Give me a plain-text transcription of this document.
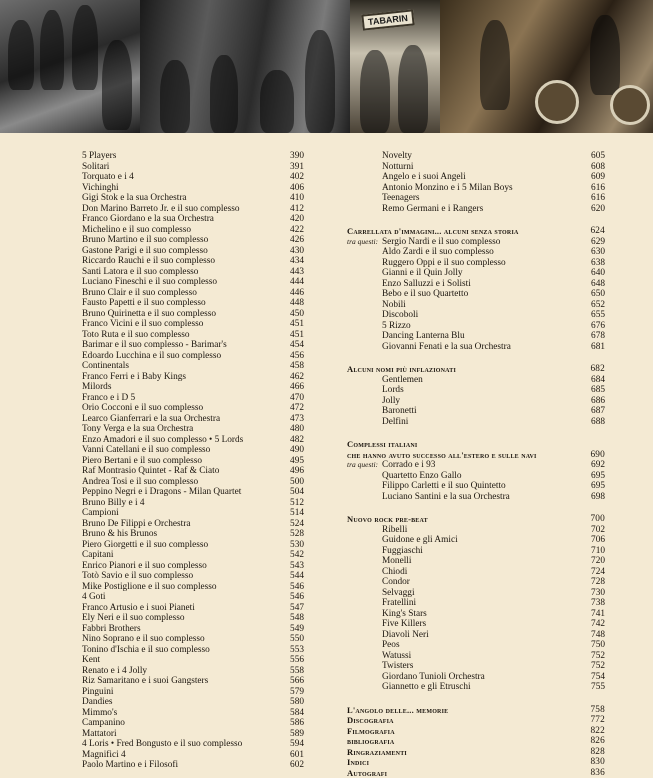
TABARIN
5 Players	390
Solitari	391
Torquato e i 4	402
Vichinghi	406
Gigi Stok e la sua Orchestra	410
Don Marino Barreto Jr. e il suo complesso	412
Franco Giordano e la sua Orchestra	420
Michelino e il suo complesso	422
Bruno Martino e il suo complesso	426
Gastone Parigi e il suo complesso	430
Riccardo Rauchi e il suo complesso	434
Santi Latora e il suo complesso	443
Luciano Fineschi e il suo complesso	444
Bruno Clair e il suo complesso	446
Fausto Papetti e il suo complesso	448
Bruno Quirinetta e il suo complesso	450
Franco Vicini e il suo complesso	451
Toto Ruta e il suo complesso	451
Barimar e il suo complesso - Barimar's	454
Edoardo Lucchina e il suo complesso	456
Continentals	458
Franco Ferri e i Baby Kings	462
Milords	466
Franco e i D 5	470
Orio Cocconi e il suo complesso	472
Learco Gianferrari e la sua Orchestra	473
Tony Verga e la sua Orchestra	480
Enzo Amadori e il suo complesso • 5 Lords	482
Vanni Catellani e il suo complesso	490
Piero Bertani e il suo complesso	495
Raf Montrasio Quintet - Raf & Ciato	496
Andrea Tosi e il suo complesso	500
Peppino Negri e i Dragons - Milan Quartet	504
Bruno Billy e i 4	512
Campioni	514
Bruno De Filippi e Orchestra	524
Bruno & his Brunos	528
Piero Giorgetti e il suo complesso	530
Capitani	542
Enrico Pianori e il suo complesso	543
Totò Savio e il suo complesso	544
Mike Postiglione e il suo complesso	546
4 Goti	546
Franco Artusio e i suoi Pianeti	547
Ely Neri e il suo complesso	548
Fabbri Brothers	549
Nino Soprano e il suo complesso	550
Tonino d'Ischia e il suo complesso	553
Kent	556
Renato e i 4 Jolly	558
Riz Samaritano e i suoi Gangsters	566
Pinguini	579
Dandies	580
Mimmo's	584
Campanino	586
Mattatori	589
4 Loris • Fred Bongusto e il suo complesso	594
Magnifici 4	601
Paolo Martino e i Filosofi	602
Novelty	605
Notturni	608
Angelo e i suoi Angeli	609
Antonio Monzino e i 5 Milan Boys	616
Teenagers	616
Remo Germani e i Rangers	620
Carrellata d'immagini... alcuni senza storia	624
tra questi: Sergio Nardi e il suo complesso	629
Aldo Zardi e il suo complesso	630
Ruggero Oppi e il suo complesso	638
Gianni e il Quin Jolly	640
Enzo Salluzzi e i Solisti	648
Bebo e il suo Quartetto	650
Nobili	652
Discoboli	655
5 Rizzo	676
Dancing Lanterna Blu	678
Giovanni Fenati e la sua Orchestra	681
Alcuni nomi più inflazionati	682
Gentlemen	684
Lords	685
Jolly	686
Baronetti	687
Delfini	688
Complessi italiani
che hanno avuto successo all'estero e sulle navi	690
tra questi: Corrado e i 93	692
Quartetto Enzo Gallo	695
Filippo Carletti e il suo Quintetto	695
Luciano Santini e la sua Orchestra	698
Nuovo rock pre-beat	700
Ribelli	702
Guidone e gli Amici	706
Fuggiaschi	710
Monelli	720
Chiodi	724
Condor	728
Selvaggi	730
Fratellini	738
King's Stars	741
Five Killers	742
Diavoli Neri	748
Peos	750
Watussi	752
Twisters	752
Giordano Tunioli Orchestra	754
Giannetto e gli Etruschi	755
L'angolo delle... memorie	758
Discografia	772
Filmografia	822
bibliografia	826
Ringraziamenti	828
Indici	830
Autografi	836
